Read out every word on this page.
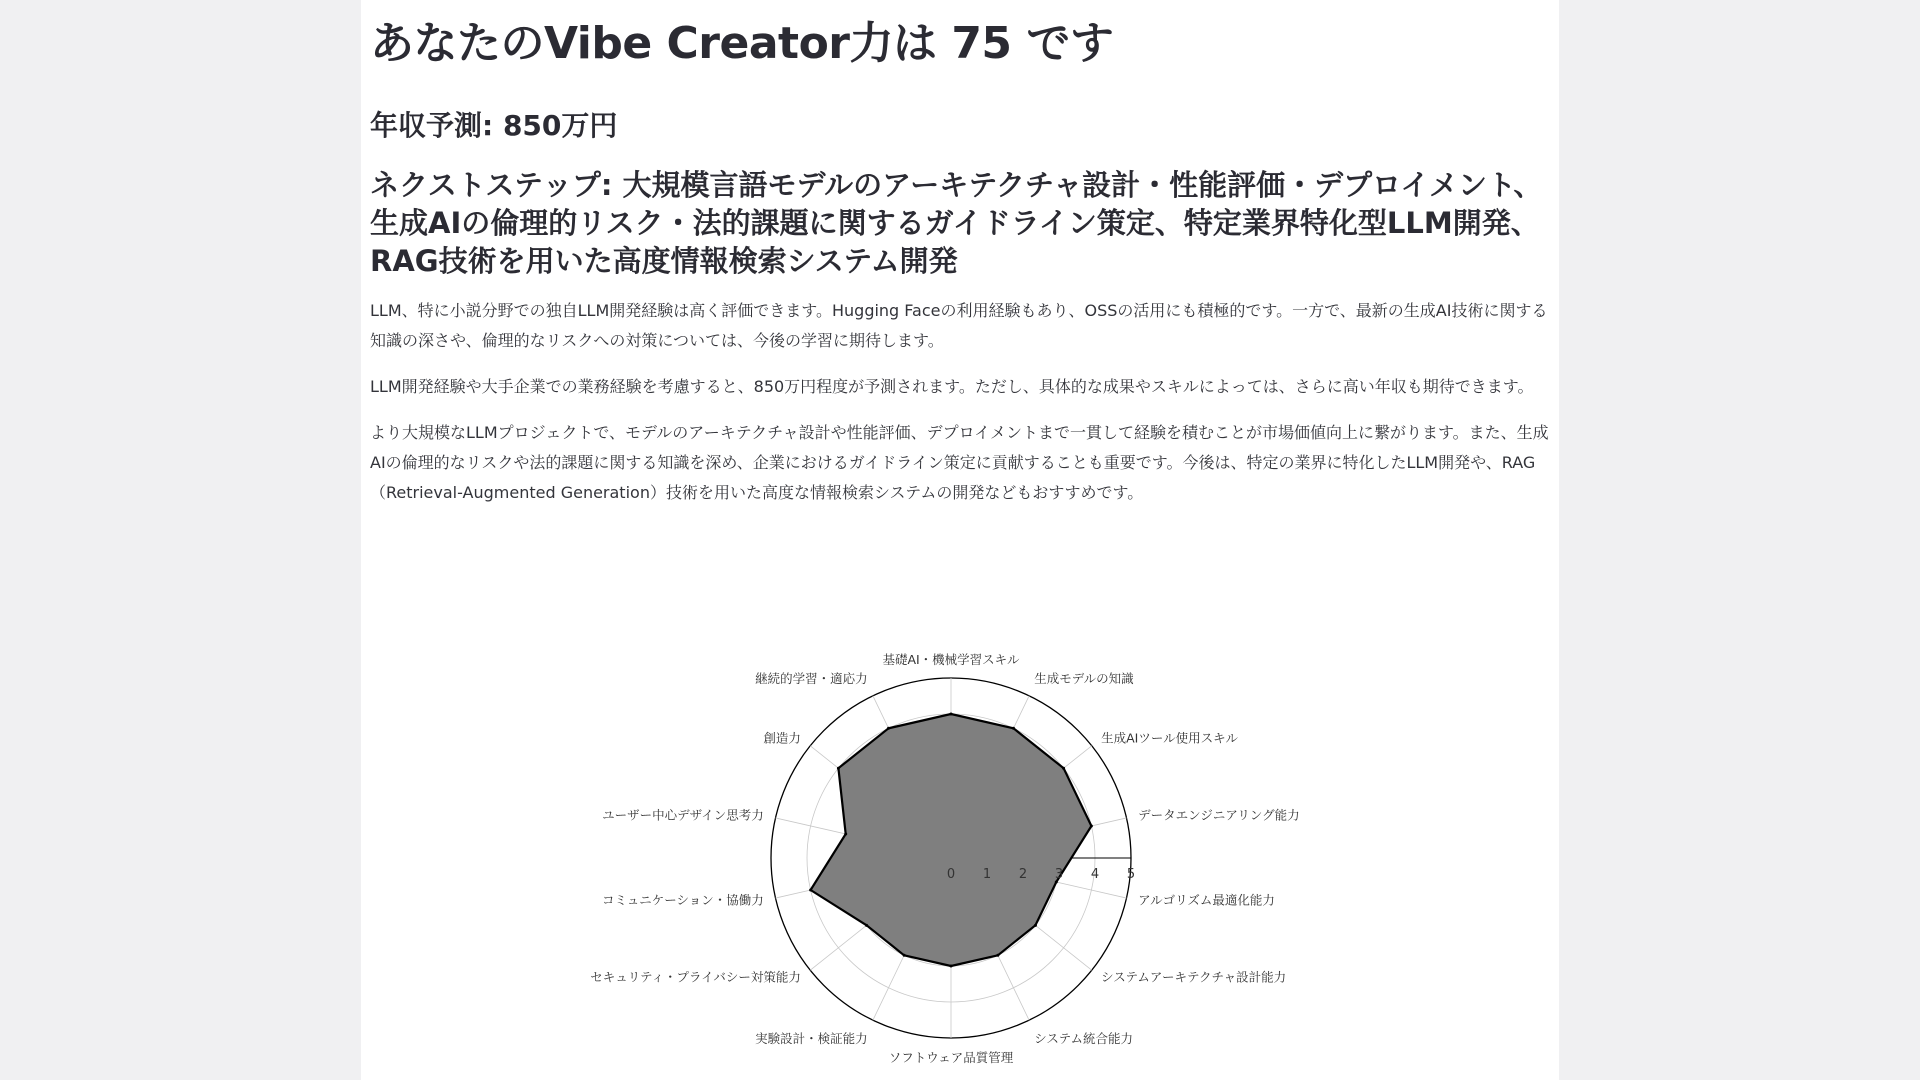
あなたのVibe Creator力は 75 です
年収予測: 850万円
ネクストステップ: 大規模言語モデルのアーキテクチャ設計・性能評価・デプロイメント、生成AIの倫理的リスク・法的課題に関するガイドライン策定、特定業界特化型LLM開発、RAG技術を用いた高度情報検索システム開発

LLM、特に小説分野での独自LLM開発経験は高く評価できます。Hugging Faceの利用経験もあり、OSSの活用にも積極的です。一方で、最新の生成AI技術に関する知識の深さや、倫理的なリスクへの対策については、今後の学習に期待します。

LLM開発経験や大手企業での業務経験を考慮すると、850万円程度が予測されます。ただし、具体的な成果やスキルによっては、さらに高い年収も期待できます。

より大規模なLLMプロジェクトで、モデルのアーキテクチャ設計や性能評価、デプロイメントまで一貫して経験を積むことが市場価値向上に繋がります。また、生成AIの倫理的なリスクや法的課題に関する知識を深め、企業におけるガイドライン策定に貢献することも重要です。今後は、特定の業界に特化したLLM開発や、RAG（Retrieval-Augmented Generation）技術を用いた高度な情報検索システムの開発などもおすすめです。

0 1 2 3 4 5
基礎AI・機械学習スキル
生成モデルの知識
生成AIツール使用スキル
データエンジニアリング能力
アルゴリズム最適化能力
システムアーキテクチャ設計能力
システム統合能力
ソフトウェア品質管理
実験設計・検証能力
セキュリティ・プライバシー対策能力
コミュニケーション・協働力
ユーザー中心デザイン思考力
創造力
継続的学習・適応力
